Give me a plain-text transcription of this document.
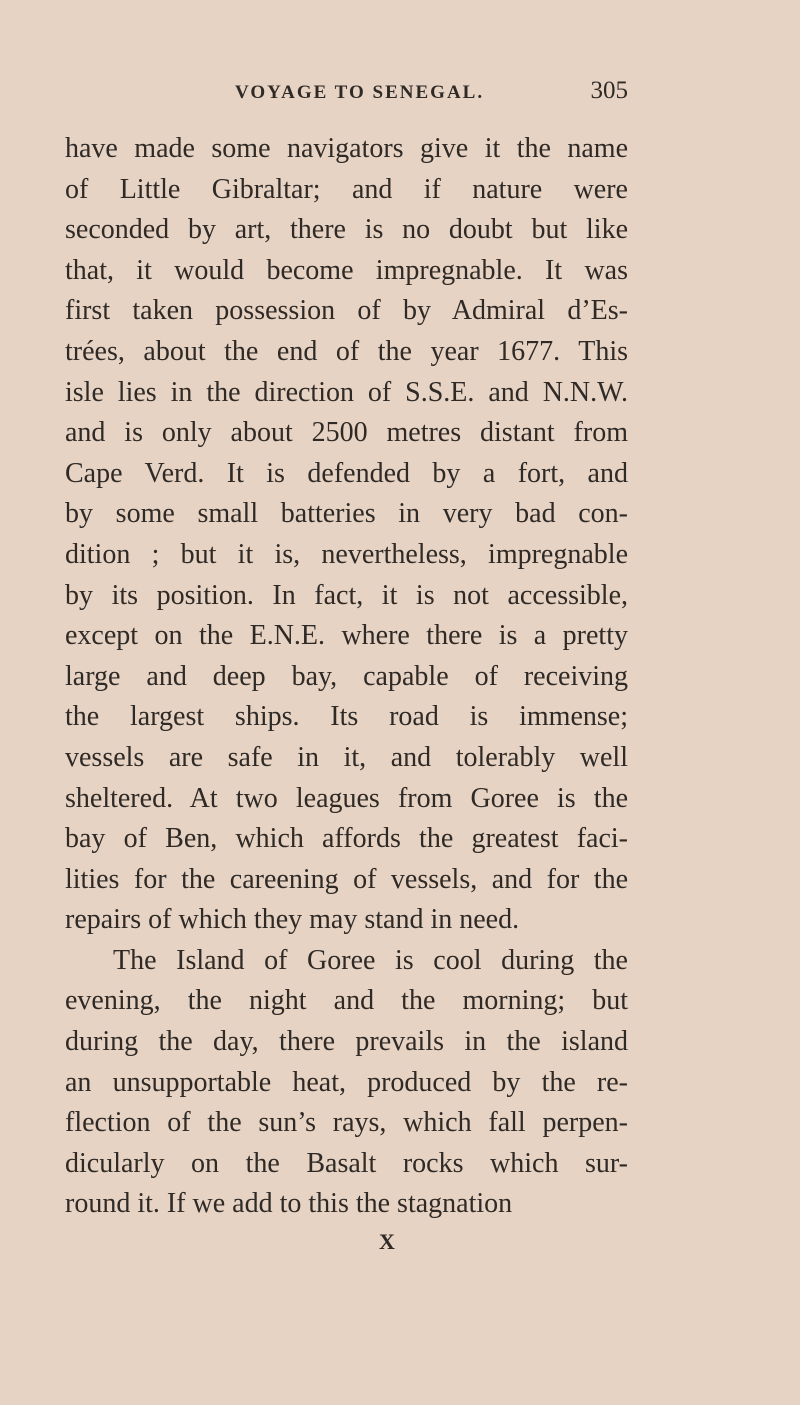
VOYAGE TO SENEGAL.	305
have made some navigators give it the name
of Little Gibraltar; and if nature were
seconded by art, there is no doubt but like
that, it would become impregnable. It was
first taken possession of by Admiral d’Es-
trées, about the end of the year 1677. This
isle lies in the direction of S.S.E. and N.N.W.
and is only about 2500 metres distant from
Cape Verd. It is defended by a fort, and
by some small batteries in very bad con-
dition ; but it is, nevertheless, impregnable
by its position. In fact, it is not accessible,
except on the E.N.E. where there is a pretty
large and deep bay, capable of receiving
the largest ships. Its road is immense;
vessels are safe in it, and tolerably well
sheltered. At two leagues from Goree is the
bay of Ben, which affords the greatest faci-
lities for the careening of vessels, and for the
repairs of which they may stand in need.
The Island of Goree is cool during the
evening, the night and the morning; but
during the day, there prevails in the island
an unsupportable heat, produced by the re-
flection of the sun’s rays, which fall perpen-
dicularly on the Basalt rocks which sur-
round it. If we add to this the stagnation
X
